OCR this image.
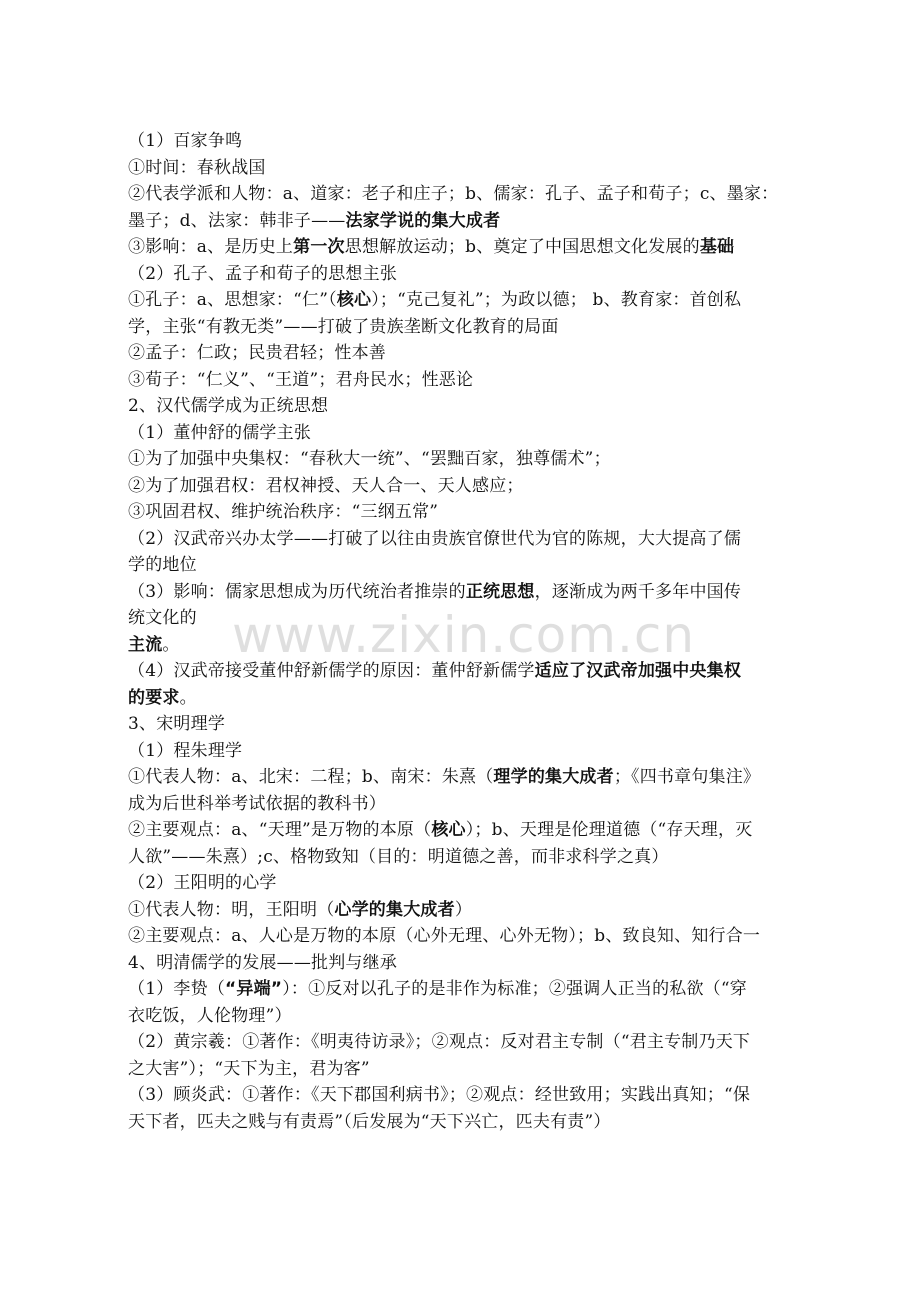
（1）百家争鸣
①时间：春秋战国
②代表学派和人物：a、道家：老子和庄子；b、儒家：孔子、孟子和荀子；c、墨家：
墨子；d、法家：韩非子——法家学说的集大成者
③影响：a、是历史上第一次思想解放运动；b、奠定了中国思想文化发展的基础
（2）孔子、孟子和荀子的思想主张
①孔子：a、思想家：“仁”（核心）；“克己复礼”；为政以德； b、教育家：首创私
学，主张“有教无类”——打破了贵族垄断文化教育的局面
②孟子：仁政；民贵君轻；性本善
③荀子：“仁义”、“王道”；君舟民水；性恶论
2、汉代儒学成为正统思想
（1）董仲舒的儒学主张
①为了加强中央集权：“春秋大一统”、“罢黜百家，独尊儒术”；
②为了加强君权：君权神授、天人合一、天人感应；
③巩固君权、维护统治秩序：“三纲五常”
（2）汉武帝兴办太学——打破了以往由贵族官僚世代为官的陈规，大大提高了儒
学的地位
（3）影响：儒家思想成为历代统治者推崇的正统思想，逐渐成为两千多年中国传
统文化的
主流。
（4）汉武帝接受董仲舒新儒学的原因：董仲舒新儒学适应了汉武帝加强中央集权
的要求。
3、宋明理学
（1）程朱理学
①代表人物：a、北宋：二程；b、南宋：朱熹（理学的集大成者；《四书章句集注》
成为后世科举考试依据的教科书）
②主要观点：a、“天理”是万物的本原（核心）；b、天理是伦理道德（“存天理，灭
人欲”——朱熹）;c、格物致知（目的：明道德之善，而非求科学之真）
（2）王阳明的心学
①代表人物：明，王阳明（心学的集大成者）
②主要观点：a、人心是万物的本原（心外无理、心外无物）；b、致良知、知行合一
4、明清儒学的发展——批判与继承
（1）李贽（“异端”）：①反对以孔子的是非作为标准；②强调人正当的私欲（“穿
衣吃饭，人伦物理”）
（2）黄宗羲：①著作：《明夷待访录》；②观点：反对君主专制（“君主专制乃天下
之大害”）；“天下为主，君为客”
（3）顾炎武：①著作：《天下郡国利病书》；②观点：经世致用；实践出真知；“保
天下者，匹夫之贱与有责焉”（后发展为“天下兴亡，匹夫有责”）
www.zixin.com.cn
